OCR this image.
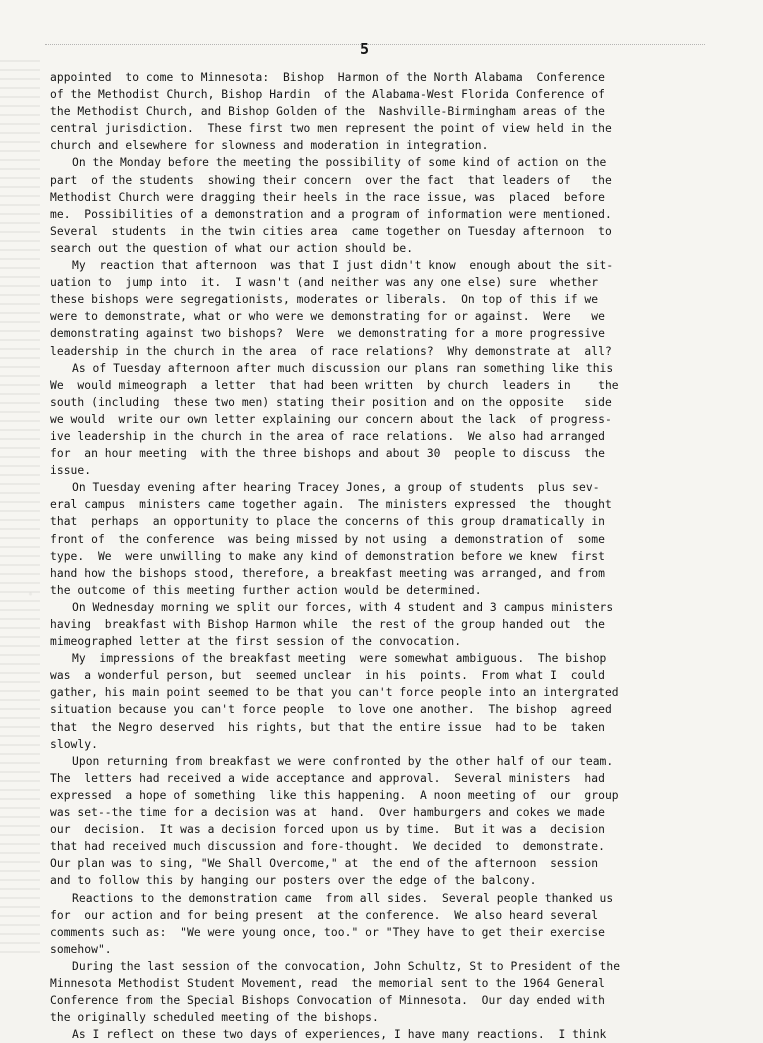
5
appointed  to come to Minnesota:  Bishop  Harmon of the North Alabama  Conference
of the Methodist Church, Bishop Hardin  of the Alabama-West Florida Conference of
the Methodist Church, and Bishop Golden of the  Nashville-Birmingham areas of the
central jurisdiction.  These first two men represent the point of view held in the
church and elsewhere for slowness and moderation in integration.
On the Monday before the meeting the possibility of some kind of action on the
part  of the students  showing their concern  over the fact  that leaders of   the
Methodist Church were dragging their heels in the race issue, was  placed  before
me.  Possibilities of a demonstration and a program of information were mentioned.
Several  students  in the twin cities area  came together on Tuesday afternoon  to
search out the question of what our action should be.
My  reaction that afternoon  was that I just didn't know  enough about the sit-
uation to  jump into  it.  I wasn't (and neither was any one else) sure  whether
these bishops were segregationists, moderates or liberals.  On top of this if we
were to demonstrate, what or who were we demonstrating for or against.  Were   we
demonstrating against two bishops?  Were  we demonstrating for a more progressive
leadership in the church in the area  of race relations?  Why demonstrate at  all?
As of Tuesday afternoon after much discussion our plans ran something like this
We  would mimeograph  a letter  that had been written  by church  leaders in    the
south (including  these two men) stating their position and on the opposite   side
we would  write our own letter explaining our concern about the lack  of progress-
ive leadership in the church in the area of race relations.  We also had arranged
for  an hour meeting  with the three bishops and about 30  people to discuss  the
issue.
On Tuesday evening after hearing Tracey Jones, a group of students  plus sev-
eral campus  ministers came together again.  The ministers expressed  the  thought
that  perhaps  an opportunity to place the concerns of this group dramatically in
front of  the conference  was being missed by not using  a demonstration of  some
type.  We  were unwilling to make any kind of demonstration before we knew  first
hand how the bishops stood, therefore, a breakfast meeting was arranged, and from
the outcome of this meeting further action would be determined.
On Wednesday morning we split our forces, with 4 student and 3 campus ministers
having  breakfast with Bishop Harmon while  the rest of the group handed out  the
mimeographed letter at the first session of the convocation.
My  impressions of the breakfast meeting  were somewhat ambiguous.  The bishop
was  a wonderful person, but  seemed unclear  in his  points.  From what I  could
gather, his main point seemed to be that you can't force people into an intergrated
situation because you can't force people  to love one another.  The bishop  agreed
that  the Negro deserved  his rights, but that the entire issue  had to be  taken
slowly.
Upon returning from breakfast we were confronted by the other half of our team.
The  letters had received a wide acceptance and approval.  Several ministers  had
expressed  a hope of something  like this happening.  A noon meeting of  our  group
was set--the time for a decision was at  hand.  Over hamburgers and cokes we made
our  decision.  It was a decision forced upon us by time.  But it was a  decision
that had received much discussion and fore-thought.  We decided  to  demonstrate.
Our plan was to sing, "We Shall Overcome," at  the end of the afternoon  session
and to follow this by hanging our posters over the edge of the balcony.
Reactions to the demonstration came  from all sides.  Several people thanked us
for  our action and for being present  at the conference.  We also heard several
comments such as:  "We were young once, too." or "They have to get their exercise
somehow".
During the last session of the convocation, John Schultz, St to President of the
Minnesota Methodist Student Movement, read  the memorial sent to the 1964 General
Conference from the Special Bishops Convocation of Minnesota.  Our day ended with
the originally scheduled meeting of the bishops.
As I reflect on these two days of experiences, I have many reactions.  I think
